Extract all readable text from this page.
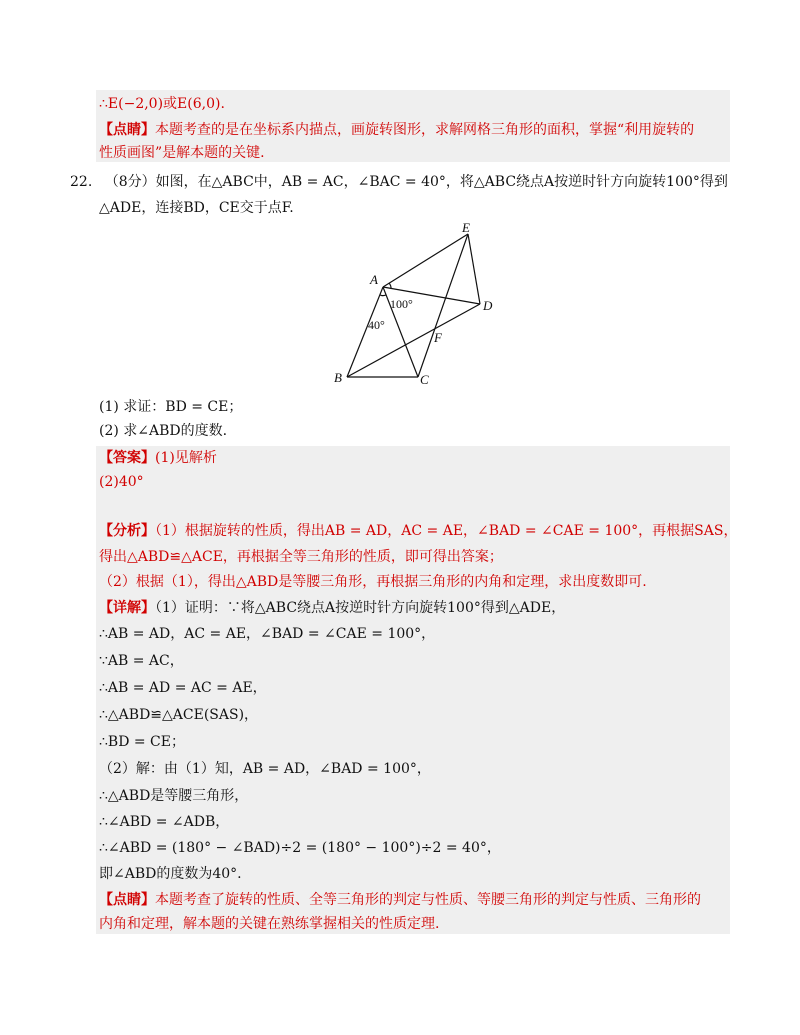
∴E(−2,0)或E(6,0).
【点睛】本题考查的是在坐标系内描点，画旋转图形，求解网格三角形的面积，掌握“利用旋转的
性质画图”是解本题的关键.
22. （8分）如图，在△ABC中，AB = AC，∠BAC = 40°，将△ABC绕点A按逆时针方向旋转100°得到
△ADE，连接BD，CE交于点F.
A
B	C
D
E
F
100°
40°
(1) 求证：BD = CE；
(2) 求∠ABD的度数.
【答案】(1)见解析
(2)40°
【分析】（1）根据旋转的性质，得出AB = AD，AC = AE，∠BAD = ∠CAE = 100°，再根据SAS，
得出△ABD≌△ACE，再根据全等三角形的性质，即可得出答案；
（2）根据（1），得出△ABD是等腰三角形，再根据三角形的内角和定理，求出度数即可.
【详解】（1）证明：∵将△ABC绕点A按逆时针方向旋转100°得到△ADE，
∴AB = AD，AC = AE，∠BAD = ∠CAE = 100°，
∵AB = AC，
∴AB = AD = AC = AE，
∴△ABD≌△ACE(SAS)，
∴BD = CE；
（2）解：由（1）知，AB = AD，∠BAD = 100°，
∴△ABD是等腰三角形，
∴∠ABD = ∠ADB，
∴∠ABD = (180° − ∠BAD)÷2 = (180° − 100°)÷2 = 40°，
即∠ABD的度数为40°.
【点睛】本题考查了旋转的性质、全等三角形的判定与性质、等腰三角形的判定与性质、三角形的
内角和定理，解本题的关键在熟练掌握相关的性质定理.
